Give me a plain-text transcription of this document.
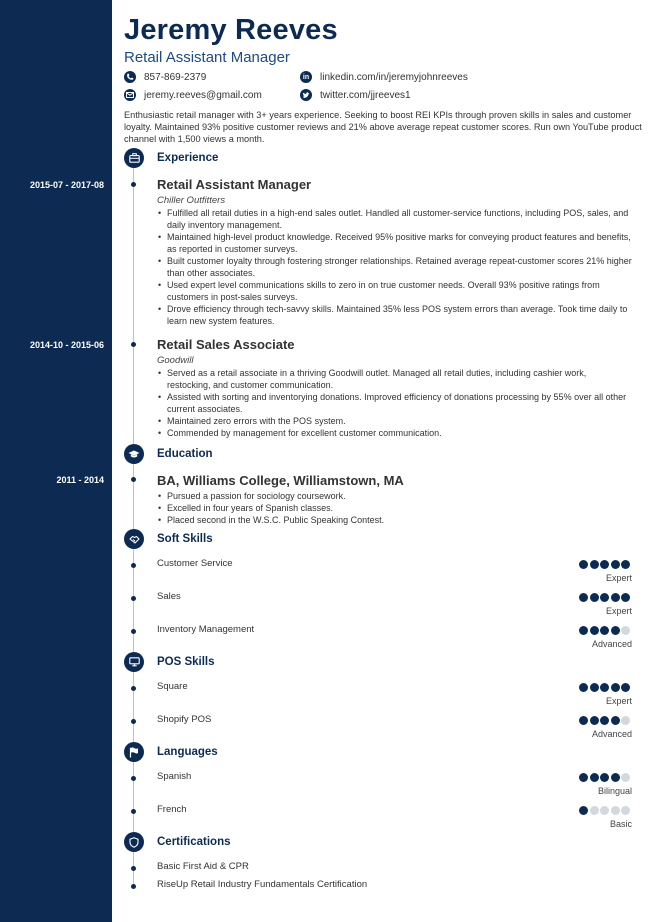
Jeremy Reeves
Retail Assistant Manager
857-869-2379
jeremy.reeves@gmail.com
in linkedin.com/in/jeremyjohnreeves
twitter.com/jjreeves1
Enthusiastic retail manager with 3+ years experience. Seeking to boost REI KPIs through proven skills in sales and customer loyalty. Maintained 93% positive customer reviews and 21% above average repeat customer scores. Run own YouTube product channel with 1,500 views a month.
Experience
2015-07 - 2017-08	Retail Assistant Manager
Chiller Outfitters
• Fulfilled all retail duties in a high-end sales outlet. Handled all customer-service functions, including POS, sales, and daily inventory management.
• Maintained high-level product knowledge. Received 95% positive marks for conveying product features and benefits, as reported in customer surveys.
• Built customer loyalty through fostering stronger relationships. Retained average repeat-customer scores 21% higher than other associates.
• Used expert level communications skills to zero in on true customer needs. Overall 93% positive ratings from customers in post-sales surveys.
• Drove efficiency through tech-savvy skills. Maintained 35% less POS system errors than average. Took time daily to learn new system features.
2014-10 - 2015-06	Retail Sales Associate
Goodwill
• Served as a retail associate in a thriving Goodwill outlet. Managed all retail duties, including cashier work, restocking, and customer communication.
• Assisted with sorting and inventorying donations. Improved efficiency of donations processing by 55% over all other current associates.
• Maintained zero errors with the POS system.
• Commended by management for excellent customer communication.
Education
2011 - 2014	BA, Williams College, Williamstown, MA
• Pursued a passion for sociology coursework.
• Excelled in four years of Spanish classes.
• Placed second in the W.S.C. Public Speaking Contest.
Soft Skills
Customer Service
Expert
Sales
Expert
Inventory Management
Advanced
POS Skills
Square
Expert
Shopify POS
Advanced
Languages
Spanish
Bilingual
French
Basic
Certifications
Basic First Aid & CPR
RiseUp Retail Industry Fundamentals Certification
